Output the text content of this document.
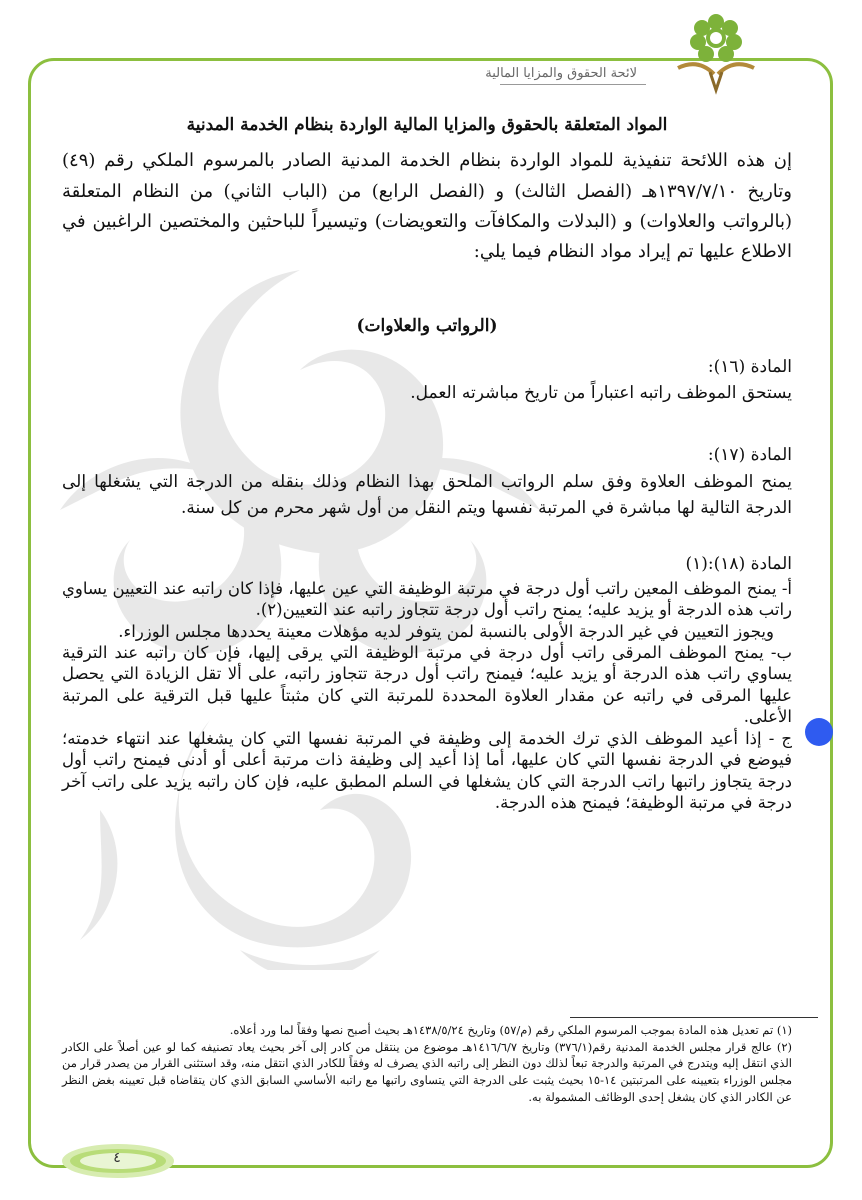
لائحة الحقوق والمزايا المالية

المواد المتعلقة بالحقوق والمزايا المالية الواردة بنظام الخدمة المدنية

إن هذه اللائحة تنفيذية للمواد الواردة بنظام الخدمة المدنية الصادر بالمرسوم الملكي رقم (٤٩) وتاريخ ١٣٩٧/٧/١٠هـ (الفصل الثالث) و (الفصل الرابع) من (الباب الثاني) من النظام المتعلقة (بالرواتب والعلاوات) و (البدلات والمكافآت والتعويضات) وتيسيراً للباحثين والمختصين الراغبين في الاطلاع عليها تم إيراد مواد النظام فيما يلي:

(الرواتب والعلاوات)

المادة (١٦):

يستحق الموظف راتبه اعتباراً من تاريخ مباشرته العمل.

المادة (١٧):

يمنح الموظف العلاوة وفق سلم الرواتب الملحق بهذا النظام وذلك بنقله من الدرجة التي يشغلها إلى الدرجة التالية لها مباشرة في المرتبة نفسها ويتم النقل من أول شهر محرم من كل سنة.

المادة (١٨):(١)

أ- يمنح الموظف المعين راتب أول درجة في مرتبة الوظيفة التي عين عليها، فإذا كان راتبه عند التعيين يساوي راتب هذه الدرجة أو يزيد عليه؛ يمنح راتب أول درجة تتجاوز راتبه عند التعيين(٢).

ويجوز التعيين في غير الدرجة الأولى بالنسبة لمن يتوفر لديه مؤهلات معينة يحددها مجلس الوزراء.

ب- يمنح الموظف المرقى راتب أول درجة في مرتبة الوظيفة التي يرقى إليها، فإن كان راتبه عند الترقية يساوي راتب هذه الدرجة أو يزيد عليه؛ فيمنح راتب أول درجة تتجاوز راتبه، على ألا تقل الزيادة التي يحصل عليها المرقى في راتبه عن مقدار العلاوة المحددة للمرتبة التي كان مثبتاً عليها قبل الترقية على المرتبة الأعلى.

ج - إذا أعيد الموظف الذي ترك الخدمة إلى وظيفة في المرتبة نفسها التي كان يشغلها عند انتهاء خدمته؛ فيوضع في الدرجة نفسها التي كان عليها، أما إذا أعيد إلى وظيفة ذات مرتبة أعلى أو أدنى فيمنح راتب أول درجة يتجاوز راتبها راتب الدرجة التي كان يشغلها في السلم المطبق عليه، فإن كان راتبه يزيد على راتب آخر درجة في مرتبة الوظيفة؛ فيمنح هذه الدرجة.

(١) تم تعديل هذه المادة بموجب المرسوم الملكي رقم (م/٥٧) وتاريخ ١٤٣٨/٥/٢٤هـ بحيث أصبح نصها وفقاً لما ورد أعلاه.

(٢) عالج قرار مجلس الخدمة المدنية رقم(٣٧٦/١) وتاريخ ١٤١٦/٦/٧هـ موضوع من ينتقل من كادر إلى آخر بحيث يعاد تصنيفه كما لو عين أصلاً على الكادر الذي انتقل إليه ويتدرج في المرتبة والدرجة تبعاً لذلك دون النظر إلى راتبه الذي يصرف له وفقاً للكادر الذي انتقل منه، وقد استثنى القرار من يصدر قرار من مجلس الوزراء بتعيينه على المرتبتين ١٤-١٥ بحيث يثبت على الدرجة التي يتساوى راتبها مع راتبه الأساسي السابق الذي كان يتقاضاه قبل تعيينه بغض النظر عن الكادر الذي كان يشغل إحدى الوظائف المشمولة به.

٤
